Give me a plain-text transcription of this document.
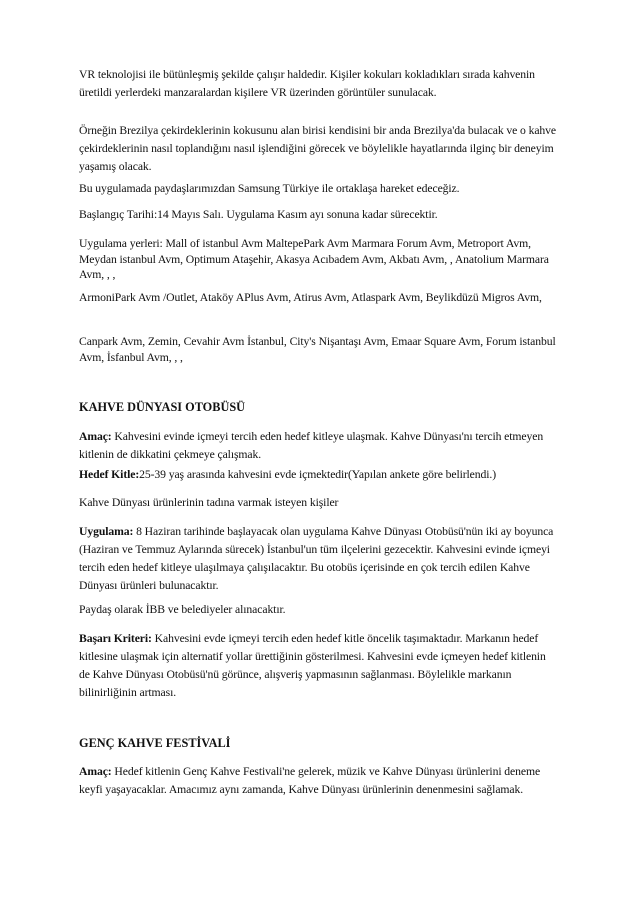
VR teknolojisi ile bütünleşmiş şekilde çalışır haldedir. Kişiler kokuları kokladıkları sırada kahvenin üretildi yerlerdeki manzaralardan kişilere VR üzerinden görüntüler sunulacak.

Örneğin Brezilya çekirdeklerinin kokusunu alan birisi kendisini bir anda Brezilya'da bulacak ve o kahve çekirdeklerinin nasıl toplandığını nasıl işlendiğini görecek ve böylelikle hayatlarında ilginç bir deneyim yaşamış olacak.

Bu uygulamada paydaşlarımızdan Samsung Türkiye ile ortaklaşa hareket edeceğiz.

Başlangıç Tarihi:14 Mayıs Salı. Uygulama Kasım ayı sonuna kadar sürecektir.

Uygulama yerleri: Mall of istanbul Avm MaltepePark Avm Marmara Forum Avm, Metroport Avm, Meydan istanbul Avm, Optimum Ataşehir, Akasya Acıbadem Avm, Akbatı Avm, , Anatolium Marmara Avm, , ,

ArmoniPark Avm /Outlet, Ataköy APlus Avm, Atirus Avm, Atlaspark Avm, Beylikdüzü Migros Avm,

Canpark Avm, Zemin, Cevahir Avm İstanbul, City's Nişantaşı Avm, Emaar Square Avm, Forum istanbul Avm, İsfanbul Avm, , ,

KAHVE DÜNYASI OTOBÜSÜ

Amaç: Kahvesini evinde içmeyi tercih eden hedef kitleye ulaşmak. Kahve Dünyası'nı tercih etmeyen kitlenin de dikkatini çekmeye çalışmak.

Hedef Kitle:25-39 yaş arasında kahvesini evde içmektedir(Yapılan ankete göre belirlendi.)

Kahve Dünyası ürünlerinin tadına varmak isteyen kişiler

Uygulama: 8 Haziran tarihinde başlayacak olan uygulama Kahve Dünyası Otobüsü'nün iki ay boyunca (Haziran ve Temmuz Aylarında sürecek) İstanbul'un tüm ilçelerini gezecektir. Kahvesini evinde içmeyi tercih eden hedef kitleye ulaşılmaya çalışılacaktır. Bu otobüs içerisinde en çok tercih edilen Kahve Dünyası ürünleri bulunacaktır.

Paydaş olarak İBB ve belediyeler alınacaktır.

Başarı Kriteri: Kahvesini evde içmeyi tercih eden hedef kitle öncelik taşımaktadır. Markanın hedef kitlesine ulaşmak için alternatif yollar ürettiğinin gösterilmesi. Kahvesini evde içmeyen hedef kitlenin de Kahve Dünyası Otobüsü'nü görünce, alışveriş yapmasının sağlanması. Böylelikle markanın bilinirliğinin artması.

GENÇ KAHVE FESTİVALİ

Amaç: Hedef kitlenin Genç Kahve Festivali'ne gelerek, müzik ve Kahve Dünyası ürünlerini deneme keyfi yaşayacaklar. Amacımız aynı zamanda, Kahve Dünyası ürünlerinin denenmesini sağlamak.
